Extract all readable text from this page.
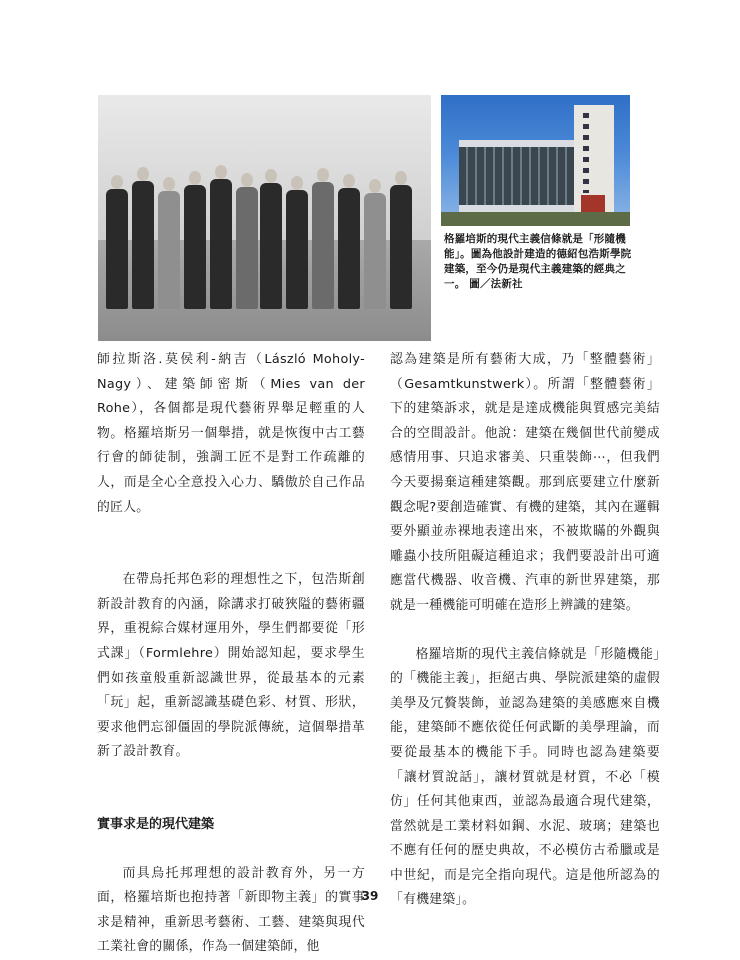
格羅培斯的現代主義信條就是「形隨機能」。圖為他設計建造的德紹包浩斯學院建築，至今仍是現代主義建築的經典之一。 圖／法新社

師拉斯洛.莫侯利-納吉（László Moholy-Nagy）、建築師密斯（Mies van der Rohe），各個都是現代藝術界舉足輕重的人物。格羅培斯另一個舉措，就是恢復中古工藝行會的師徒制，強調工匠不是對工作疏離的人，而是全心全意投入心力、驕傲於自己作品的匠人。

在帶烏托邦色彩的理想性之下，包浩斯創新設計教育的內涵，除講求打破狹隘的藝術疆界，重視綜合媒材運用外，學生們都要從「形式課」（Formlehre）開始認知起，要求學生們如孩童般重新認識世界，從最基本的元素「玩」起，重新認識基礎色彩、材質、形狀，要求他們忘卻僵固的學院派傳統，這個舉措革新了設計教育。

實事求是的現代建築

而具烏托邦理想的設計教育外，另一方面，格羅培斯也抱持著「新即物主義」的實事求是精神，重新思考藝術、工藝、建築與現代工業社會的關係，作為一個建築師，他

認為建築是所有藝術大成，乃「整體藝術」（Gesamtkunstwerk）。所謂「整體藝術」下的建築訴求，就是是達成機能與質感完美結合的空間設計。他說：建築在幾個世代前變成感情用事、只追求審美、只重裝飾⋯，但我們今天要揚棄這種建築觀。那到底要建立什麼新觀念呢?要創造確實、有機的建築，其內在邏輯要外顯並赤裸地表達出來，不被欺瞞的外觀與雕蟲小技所阻礙這種追求；我們要設計出可適應當代機器、收音機、汽車的新世界建築，那就是一種機能可明確在造形上辨識的建築。

格羅培斯的現代主義信條就是「形隨機能」的「機能主義」，拒絕古典、學院派建築的虛假美學及冗贅裝飾，並認為建築的美感應來自機能，建築師不應依從任何武斷的美學理論，而要從最基本的機能下手。同時也認為建築要「讓材質說話」，讓材質就是材質，不必「模仿」任何其他東西，並認為最適合現代建築，當然就是工業材料如鋼、水泥、玻璃；建築也不應有任何的歷史典故，不必模仿古希臘或是中世紀，而是完全指向現代。這是他所認為的「有機建築」。

39
